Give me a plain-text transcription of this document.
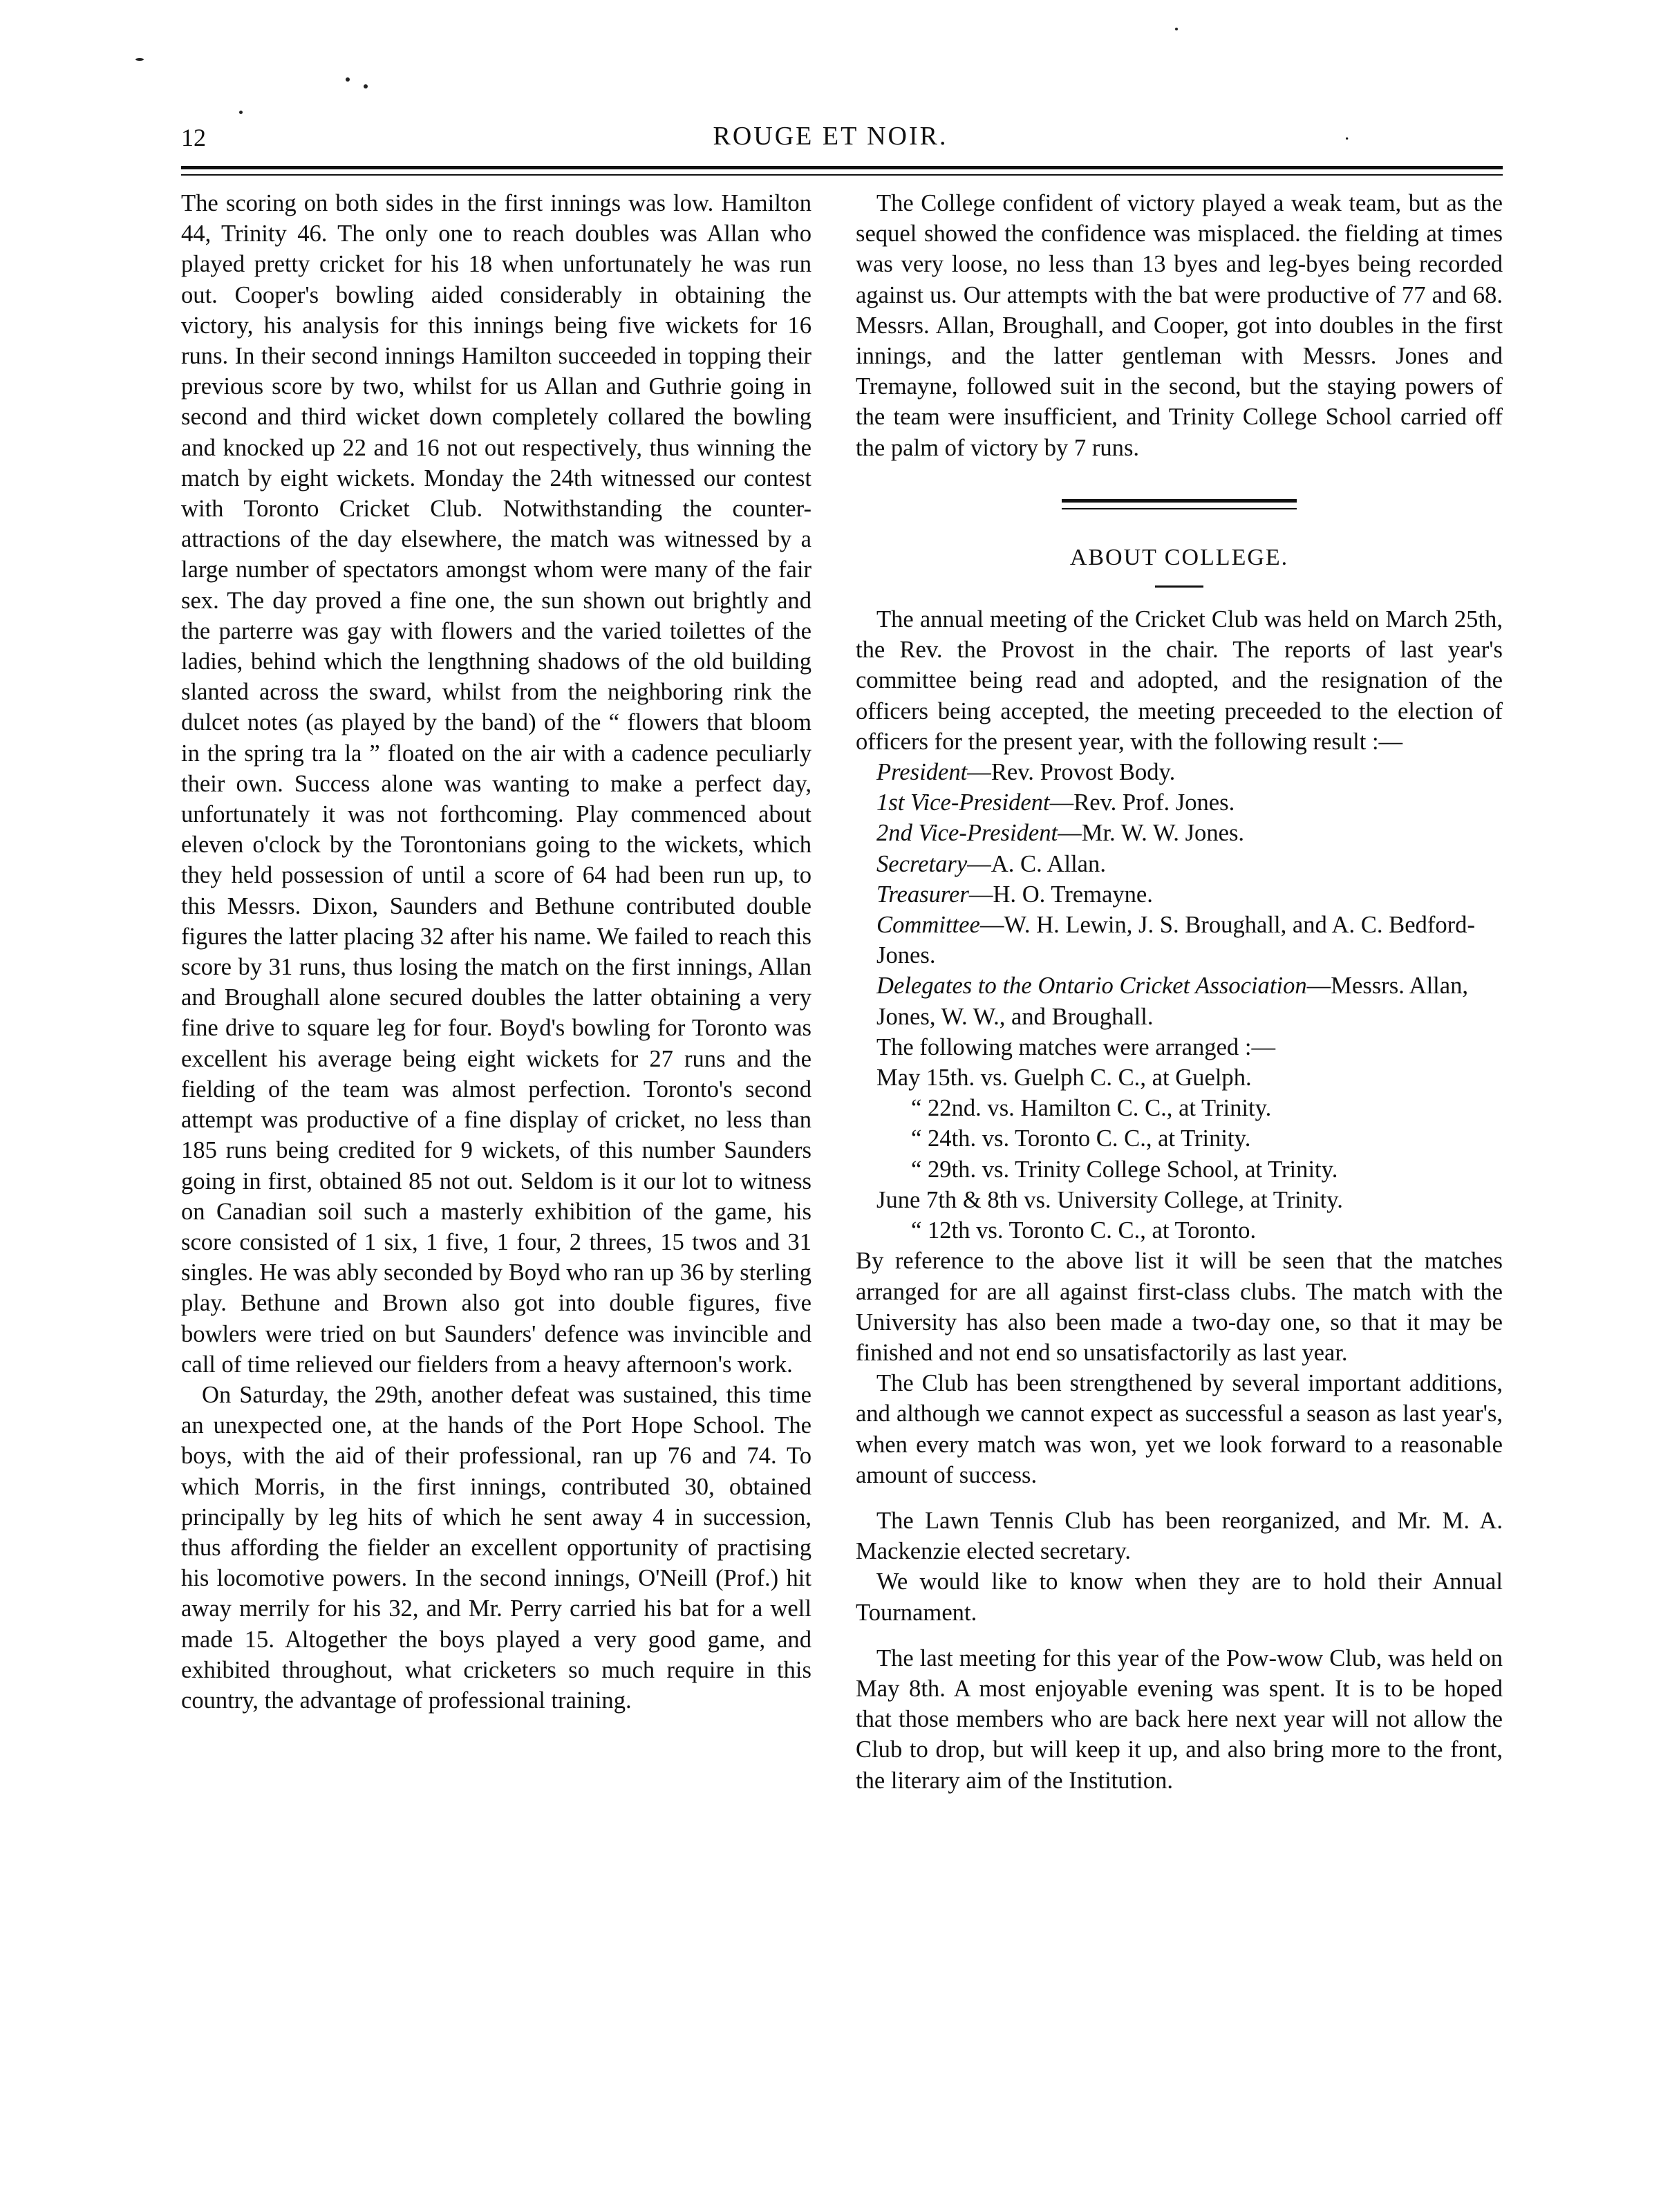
12	ROUGE ET NOIR.	·

The scoring on both sides in the first innings was low. Hamilton 44, Trinity 46. The only one to reach doubles was Allan who played pretty cricket for his 18 when unfortunately he was run out. Cooper's bowling aided considerably in obtaining the victory, his analysis for this innings being five wickets for 16 runs. In their second innings Hamilton succeeded in topping their previous score by two, whilst for us Allan and Guthrie going in second and third wicket down completely collared the bowling and knocked up 22 and 16 not out respectively, thus winning the match by eight wickets. Monday the 24th witnessed our contest with Toronto Cricket Club. Notwithstanding the counter-attractions of the day elsewhere, the match was witnessed by a large number of spectators amongst whom were many of the fair sex. The day proved a fine one, the sun shown out brightly and the parterre was gay with flowers and the varied toilettes of the ladies, behind which the lengthning shadows of the old building slanted across the sward, whilst from the neighboring rink the dulcet notes (as played by the band) of the “ flowers that bloom in the spring tra la ” floated on the air with a cadence peculiarly their own. Success alone was wanting to make a perfect day, unfortunately it was not forthcoming. Play commenced about eleven o'clock by the Torontonians going to the wickets, which they held possession of until a score of 64 had been run up, to this Messrs. Dixon, Saunders and Bethune contributed double figures the latter placing 32 after his name. We failed to reach this score by 31 runs, thus losing the match on the first innings, Allan and Broughall alone secured doubles the latter obtaining a very fine drive to square leg for four. Boyd's bowling for Toronto was excellent his average being eight wickets for 27 runs and the fielding of the team was almost perfection. Toronto's second attempt was productive of a fine display of cricket, no less than 185 runs being credited for 9 wickets, of this number Saunders going in first, obtained 85 not out. Seldom is it our lot to witness on Canadian soil such a masterly exhibition of the game, his score consisted of 1 six, 1 five, 1 four, 2 threes, 15 twos and 31 singles. He was ably seconded by Boyd who ran up 36 by sterling play. Bethune and Brown also got into double figures, five bowlers were tried on but Saunders' defence was invincible and call of time relieved our fielders from a heavy afternoon's work.

On Saturday, the 29th, another defeat was sustained, this time an unexpected one, at the hands of the Port Hope School. The boys, with the aid of their professional, ran up 76 and 74. To which Morris, in the first innings, contributed 30, obtained principally by leg hits of which he sent away 4 in succession, thus affording the fielder an excellent opportunity of practising his locomotive powers. In the second innings, O'Neill (Prof.) hit away merrily for his 32, and Mr. Perry carried his bat for a well made 15. Altogether the boys played a very good game, and exhibited throughout, what cricketers so much require in this country, the advantage of professional training.

The College confident of victory played a weak team, but as the sequel showed the confidence was misplaced. the fielding at times was very loose, no less than 13 byes and leg-byes being recorded against us. Our attempts with the bat were productive of 77 and 68. Messrs. Allan, Broughall, and Cooper, got into doubles in the first innings, and the latter gentleman with Messrs. Jones and Tremayne, followed suit in the second, but the staying powers of the team were insufficient, and Trinity College School carried off the palm of victory by 7 runs.

ABOUT COLLEGE.

The annual meeting of the Cricket Club was held on March 25th, the Rev. the Provost in the chair. The reports of last year's committee being read and adopted, and the resignation of the officers being accepted, the meeting preceeded to the election of officers for the present year, with the following result :—

President—Rev. Provost Body.

1st Vice-President—Rev. Prof. Jones.

2nd Vice-President—Mr. W. W. Jones.

Secretary—A. C. Allan.

Treasurer—H. O. Tremayne.

Committee—W. H. Lewin, J. S. Broughall, and A. C. Bedford-Jones.

Delegates to the Ontario Cricket Association—Messrs. Allan, Jones, W. W., and Broughall.

The following matches were arranged :—

May 15th. vs. Guelph C. C., at Guelph.

“ 22nd. vs. Hamilton C. C., at Trinity.

“ 24th. vs. Toronto C. C., at Trinity.

“ 29th. vs. Trinity College School, at Trinity.

June 7th & 8th vs. University College, at Trinity.

“ 12th vs. Toronto C. C., at Toronto.

By reference to the above list it will be seen that the matches arranged for are all against first-class clubs. The match with the University has also been made a two-day one, so that it may be finished and not end so unsatisfactorily as last year.

The Club has been strengthened by several important additions, and although we cannot expect as successful a season as last year's, when every match was won, yet we look forward to a reasonable amount of success.

The Lawn Tennis Club has been reorganized, and Mr. M. A. Mackenzie elected secretary.

We would like to know when they are to hold their Annual Tournament.

The last meeting for this year of the Pow-wow Club, was held on May 8th. A most enjoyable evening was spent. It is to be hoped that those members who are back here next year will not allow the Club to drop, but will keep it up, and also bring more to the front, the literary aim of the Institution.
